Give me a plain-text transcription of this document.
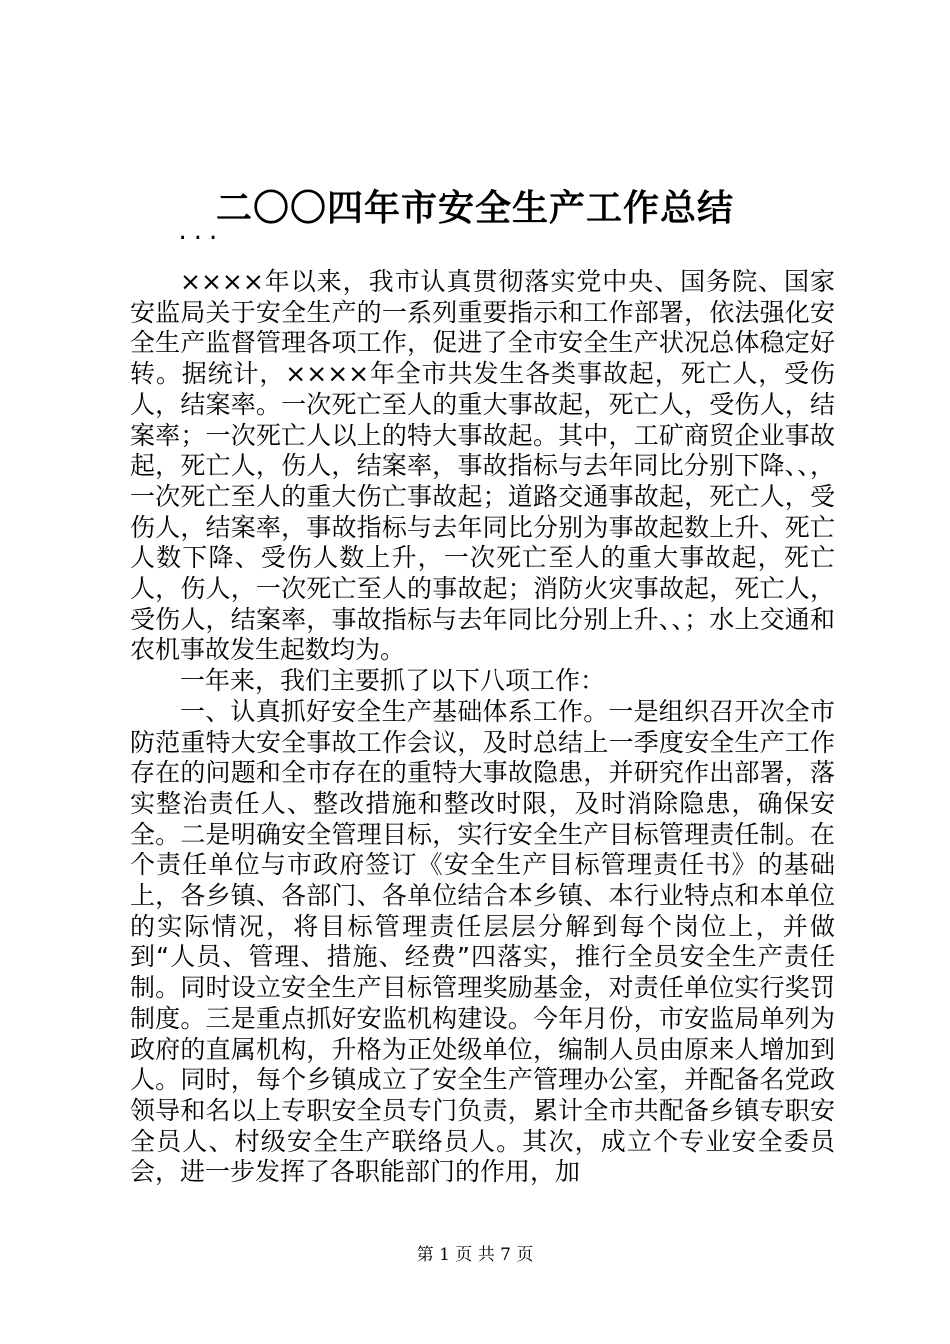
二〇〇四年市安全生产工作总结
...

××××年以来，我市认真贯彻落实党中央、国务院、国家安监局关于安全生产的一系列重要指示和工作部署，依法强化安全生产监督管理各项工作，促进了全市安全生产状况总体稳定好转。据统计，××××年全市共发生各类事故起，死亡人，受伤人，结案率。一次死亡至人的重大事故起，死亡人，受伤人，结案率；一次死亡人以上的特大事故起。其中，工矿商贸企业事故起，死亡人，伤人，结案率，事故指标与去年同比分别下降、、，一次死亡至人的重大伤亡事故起；道路交通事故起，死亡人，受伤人，结案率，事故指标与去年同比分别为事故起数上升、死亡人数下降、受伤人数上升，一次死亡至人的重大事故起，死亡人，伤人，一次死亡至人的事故起；消防火灾事故起，死亡人，受伤人，结案率，事故指标与去年同比分别上升、、；水上交通和农机事故发生起数均为。

一年来，我们主要抓了以下八项工作：

一、认真抓好安全生产基础体系工作。一是组织召开次全市防范重特大安全事故工作会议，及时总结上一季度安全生产工作存在的问题和全市存在的重特大事故隐患，并研究作出部署，落实整治责任人、整改措施和整改时限，及时消除隐患，确保安全。二是明确安全管理目标，实行安全生产目标管理责任制。在个责任单位与市政府签订《安全生产目标管理责任书》的基础上，各乡镇、各部门、各单位结合本乡镇、本行业特点和本单位的实际情况，将目标管理责任层层分解到每个岗位上，并做到“人员、管理、措施、经费”四落实，推行全员安全生产责任制。同时设立安全生产目标管理奖励基金，对责任单位实行奖罚制度。三是重点抓好安监机构建设。今年月份，市安监局单列为政府的直属机构，升格为正处级单位，编制人员由原来人增加到人。同时，每个乡镇成立了安全生产管理办公室，并配备名党政领导和名以上专职安全员专门负责，累计全市共配备乡镇专职安全员人、村级安全生产联络员人。其次，成立个专业安全委员会，进一步发挥了各职能部门的作用，加

第 1 页 共 7 页
